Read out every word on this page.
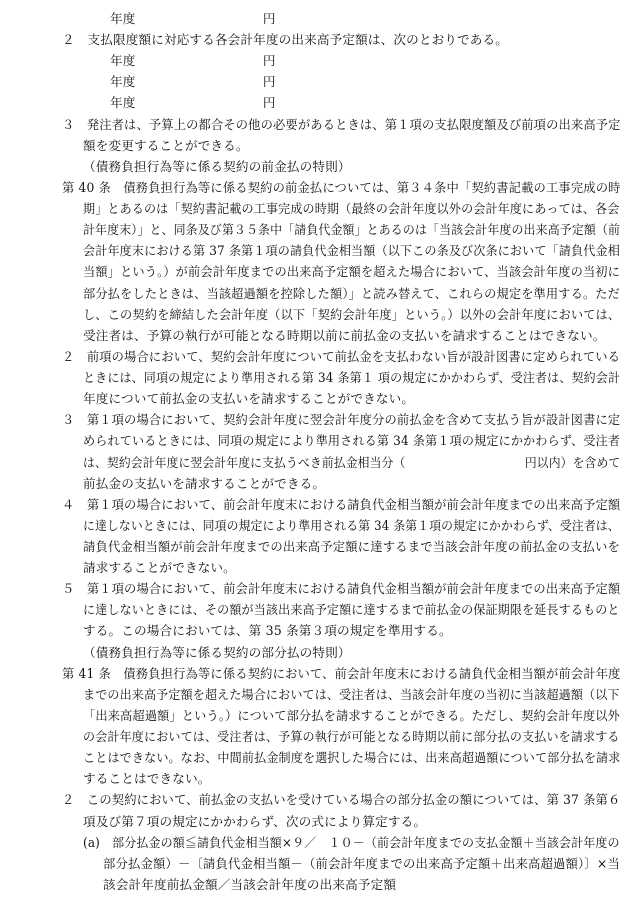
年度　　　　　　　　　　円
２　支払限度額に対応する各会計年度の出来高予定額は、次のとおりである。
年度　　　　　　　　　　円
年度　　　　　　　　　　円
年度　　　　　　　　　　円
３　発注者は、予算上の都合その他の必要があるときは、第１項の支払限度額及び前項の出来高予定
額を変更することができる。
（債務負担行為等に係る契約の前金払の特則）
第 40 条　債務負担行為等に係る契約の前金払については、第３４条中「契約書記載の工事完成の時
期」とあるのは「契約書記載の工事完成の時期（最終の会計年度以外の会計年度にあっては、各会
計年度末）」と、同条及び第３５条中「請負代金額」とあるのは「当該会計年度の出来高予定額（前
会計年度末における第 37 条第１項の請負代金相当額（以下この条及び次条において「請負代金相
当額」という。）が前会計年度までの出来高予定額を超えた場合において、当該会計年度の当初に
部分払をしたときは、当該超過額を控除した額）」と読み替えて、これらの規定を準用する。ただ
し、この契約を締結した会計年度（以下「契約会計年度」という。）以外の会計年度においては、
受注者は、予算の執行が可能となる時期以前に前払金の支払いを請求することはできない。
２　前項の場合において、契約会計年度について前払金を支払わない旨が設計図書に定められている
ときには、同項の規定により準用される第 34 条第１ 項の規定にかかわらず、受注者は、契約会計
年度について前払金の支払いを請求することができない。
３　第１項の場合において、契約会計年度に翌会計年度分の前払金を含めて支払う旨が設計図書に定
められているときには、同項の規定により準用される第 34 条第１項の規定にかかわらず、受注者
は、契約会計年度に翌会計年度に支払うべき前払金相当分（　　　　　　　　　　円以内）を含めて
前払金の支払いを請求することができる。
４　第１項の場合において、前会計年度末における請負代金相当額が前会計年度までの出来高予定額
に達しないときには、同項の規定により準用される第 34 条第１項の規定にかかわらず、受注者は、
請負代金相当額が前会計年度までの出来高予定額に達するまで当該会計年度の前払金の支払いを
請求することができない。
５　第１項の場合において、前会計年度末における請負代金相当額が前会計年度までの出来高予定額
に達しないときには、その額が当該出来高予定額に達するまで前払金の保証期限を延長するものと
する。この場合においては、第 35 条第３項の規定を準用する。
（債務負担行為等に係る契約の部分払の特則）
第 41 条　債務負担行為等に係る契約において、前会計年度末における請負代金相当額が前会計年度
までの出来高予定額を超えた場合においては、受注者は、当該会計年度の当初に当該超過額（以下
「出来高超過額」という。）について部分払を請求することができる。ただし、契約会計年度以外
の会計年度においては、受注者は、予算の執行が可能となる時期以前に部分払の支払いを請求する
ことはできない。なお、中間前払金制度を選択した場合には、出来高超過額について部分払を請求
することはできない。
２　この契約において、前払金の支払いを受けている場合の部分払金の額については、第 37 条第６
項及び第７項の規定にかかわらず、次の式により算定する。
(a)　部分払金の額≦請負代金相当額×９／　１０－（前会計年度までの支払金額＋当該会計年度の
部分払金額）－〔請負代金相当額－（前会計年度までの出来高予定額＋出来高超過額）〕×当
該会計年度前払金額／当該会計年度の出来高予定額
